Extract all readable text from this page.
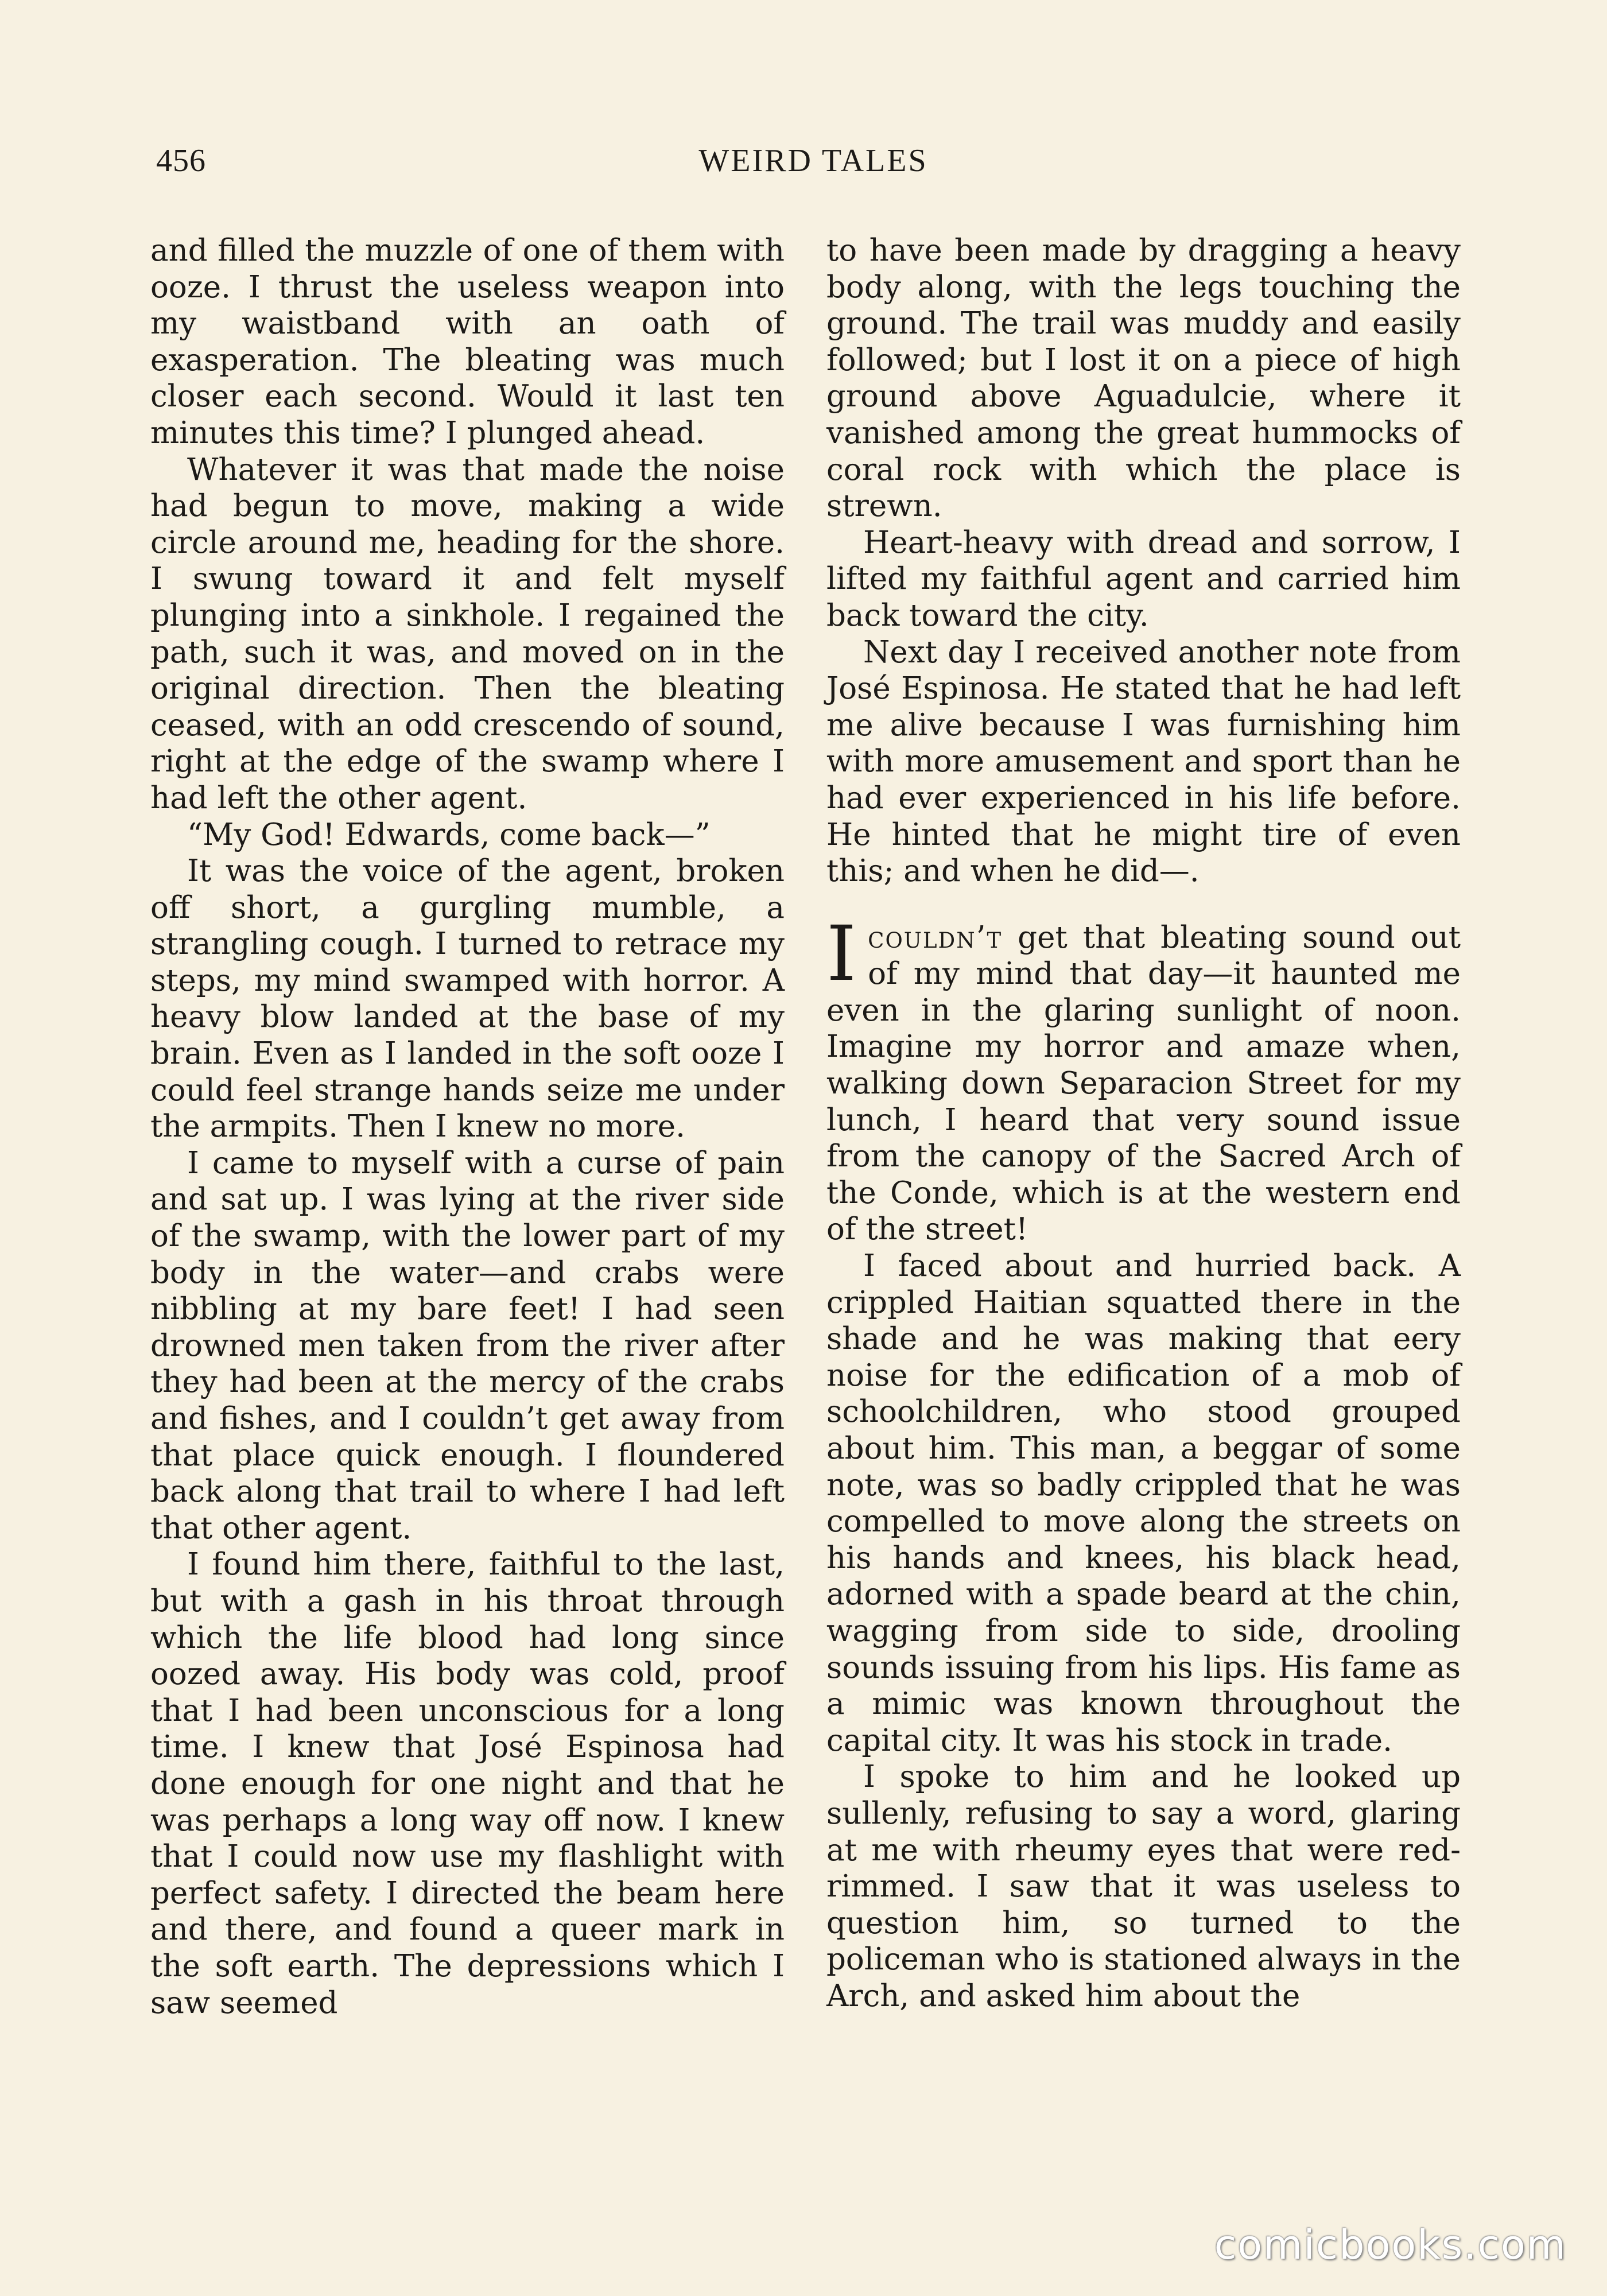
456	WEIRD TALES

and filled the muzzle of one of them with ooze. I thrust the useless weapon into my waistband with an oath of exasperation. The bleating was much closer each second. Would it last ten minutes this time? I plunged ahead.

Whatever it was that made the noise had begun to move, making a wide circle around me, heading for the shore. I swung toward it and felt myself plunging into a sinkhole. I regained the path, such it was, and moved on in the original direction. Then the bleating ceased, with an odd crescendo of sound, right at the edge of the swamp where I had left the other agent.

“My God! Edwards, come back—”

It was the voice of the agent, broken off short, a gurgling mumble, a strangling cough. I turned to retrace my steps, my mind swamped with horror. A heavy blow landed at the base of my brain. Even as I landed in the soft ooze I could feel strange hands seize me under the armpits. Then I knew no more.

I came to myself with a curse of pain and sat up. I was lying at the river side of the swamp, with the lower part of my body in the water—and crabs were nibbling at my bare feet! I had seen drowned men taken from the river after they had been at the mercy of the crabs and fishes, and I couldn’t get away from that place quick enough. I floundered back along that trail to where I had left that other agent.

I found him there, faithful to the last, but with a gash in his throat through which the life blood had long since oozed away. His body was cold, proof that I had been unconscious for a long time. I knew that José Espinosa had done enough for one night and that he was perhaps a long way off now. I knew that I could now use my flashlight with perfect safety. I directed the beam here and there, and found a queer mark in the soft earth. The depressions which I saw seemed

to have been made by dragging a heavy body along, with the legs touching the ground. The trail was muddy and easily followed; but I lost it on a piece of high ground above Aguadulcie, where it vanished among the great hummocks of coral rock with which the place is strewn.

Heart-heavy with dread and sorrow, I lifted my faithful agent and carried him back toward the city.

Next day I received another note from José Espinosa. He stated that he had left me alive because I was furnishing him with more amusement and sport than he had ever experienced in his life before. He hinted that he might tire of even this; and when he did—.

Icouldn’t get that bleating sound out of my mind that day—it haunted me even in the glaring sunlight of noon. Imagine my horror and amaze when, walking down Separacion Street for my lunch, I heard that very sound issue from the canopy of the Sacred Arch of the Conde, which is at the western end of the street!

I faced about and hurried back. A crippled Haitian squatted there in the shade and he was making that eery noise for the edification of a mob of schoolchildren, who stood grouped about him. This man, a beggar of some note, was so badly crippled that he was compelled to move along the streets on his hands and knees, his black head, adorned with a spade beard at the chin, wagging from side to side, drooling sounds issuing from his lips. His fame as a mimic was known throughout the capital city. It was his stock in trade.

I spoke to him and he looked up sullenly, refusing to say a word, glaring at me with rheumy eyes that were red-rimmed. I saw that it was useless to question him, so turned to the policeman who is stationed always in the Arch, and asked him about the

comicbooks.com
